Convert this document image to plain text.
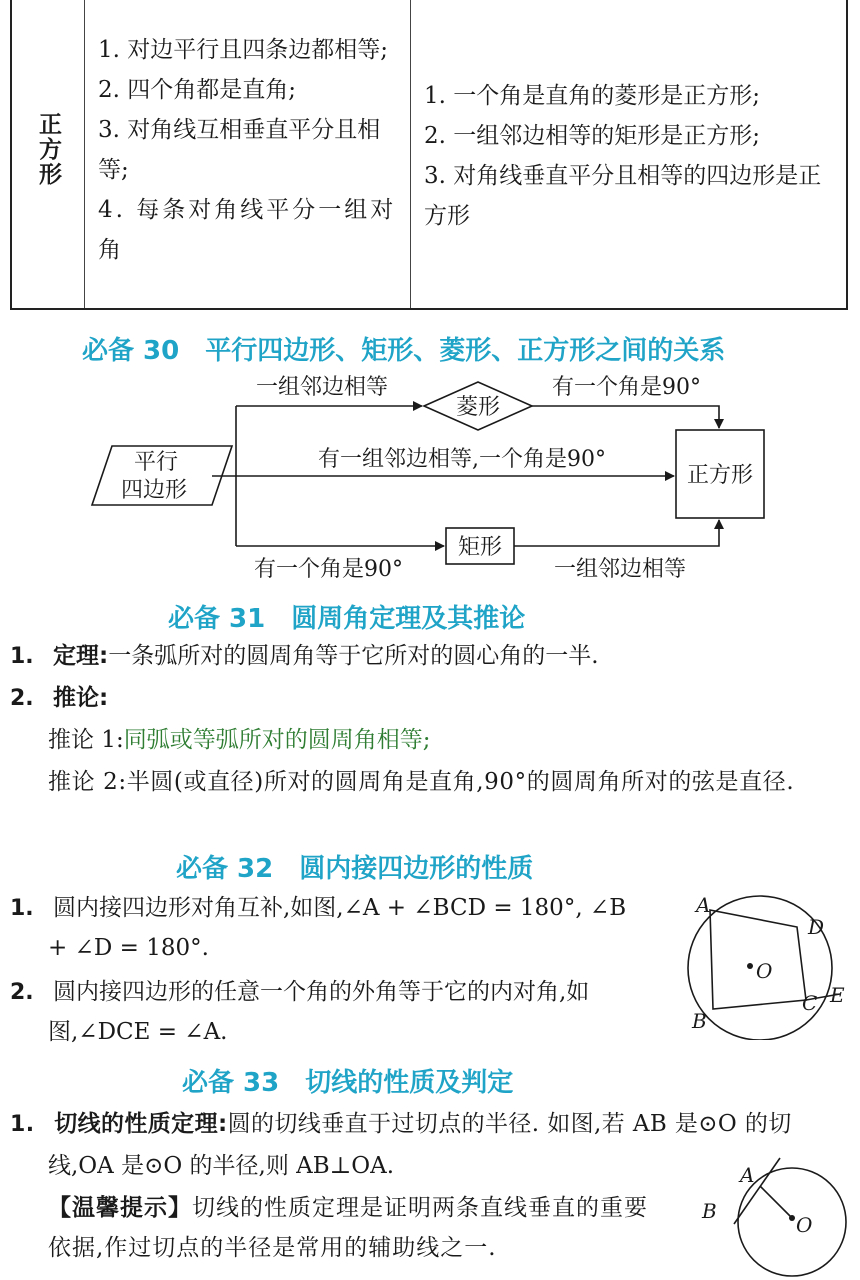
正方形
1. 对边平行且四条边都相等;
2. 四个角都是直角;
3. 对角线互相垂直平分且相等;
4. 每条对角线平分一组对角
1. 一个角是直角的菱形是正方形;
2. 一组邻边相等的矩形是正方形;
3. 对角线垂直平分且相等的四边形是正方形
必备 30　平行四边形、矩形、菱形、正方形之间的关系
平行
四边形
菱形
矩形
正方形
一组邻边相等	有一个角是90°
有一组邻边相等,一个角是90°
有一个角是90°	一组邻边相等
必备 31　圆周角定理及其推论
1. 定理:一条弧所对的圆周角等于它所对的圆心角的一半.
2. 推论:
推论 1:同弧或等弧所对的圆周角相等;
推论 2:半圆(或直径)所对的圆周角是直角,90°的圆周角所对的弦是直径.
必备 32　圆内接四边形的性质
1. 圆内接四边形对角互补,如图,∠A + ∠BCD = 180°, ∠B
+ ∠D = 180°.
2. 圆内接四边形的任意一个角的外角等于它的内对角,如
图,∠DCE = ∠A.
A
D
O
C E
B
必备 33　切线的性质及判定
1. 切线的性质定理:圆的切线垂直于过切点的半径. 如图,若 AB 是⊙O 的切
线,OA 是⊙O 的半径,则 AB⊥OA.
【温馨提示】切线的性质定理是证明两条直线垂直的重要
依据,作过切点的半径是常用的辅助线之一.
A
B
O
